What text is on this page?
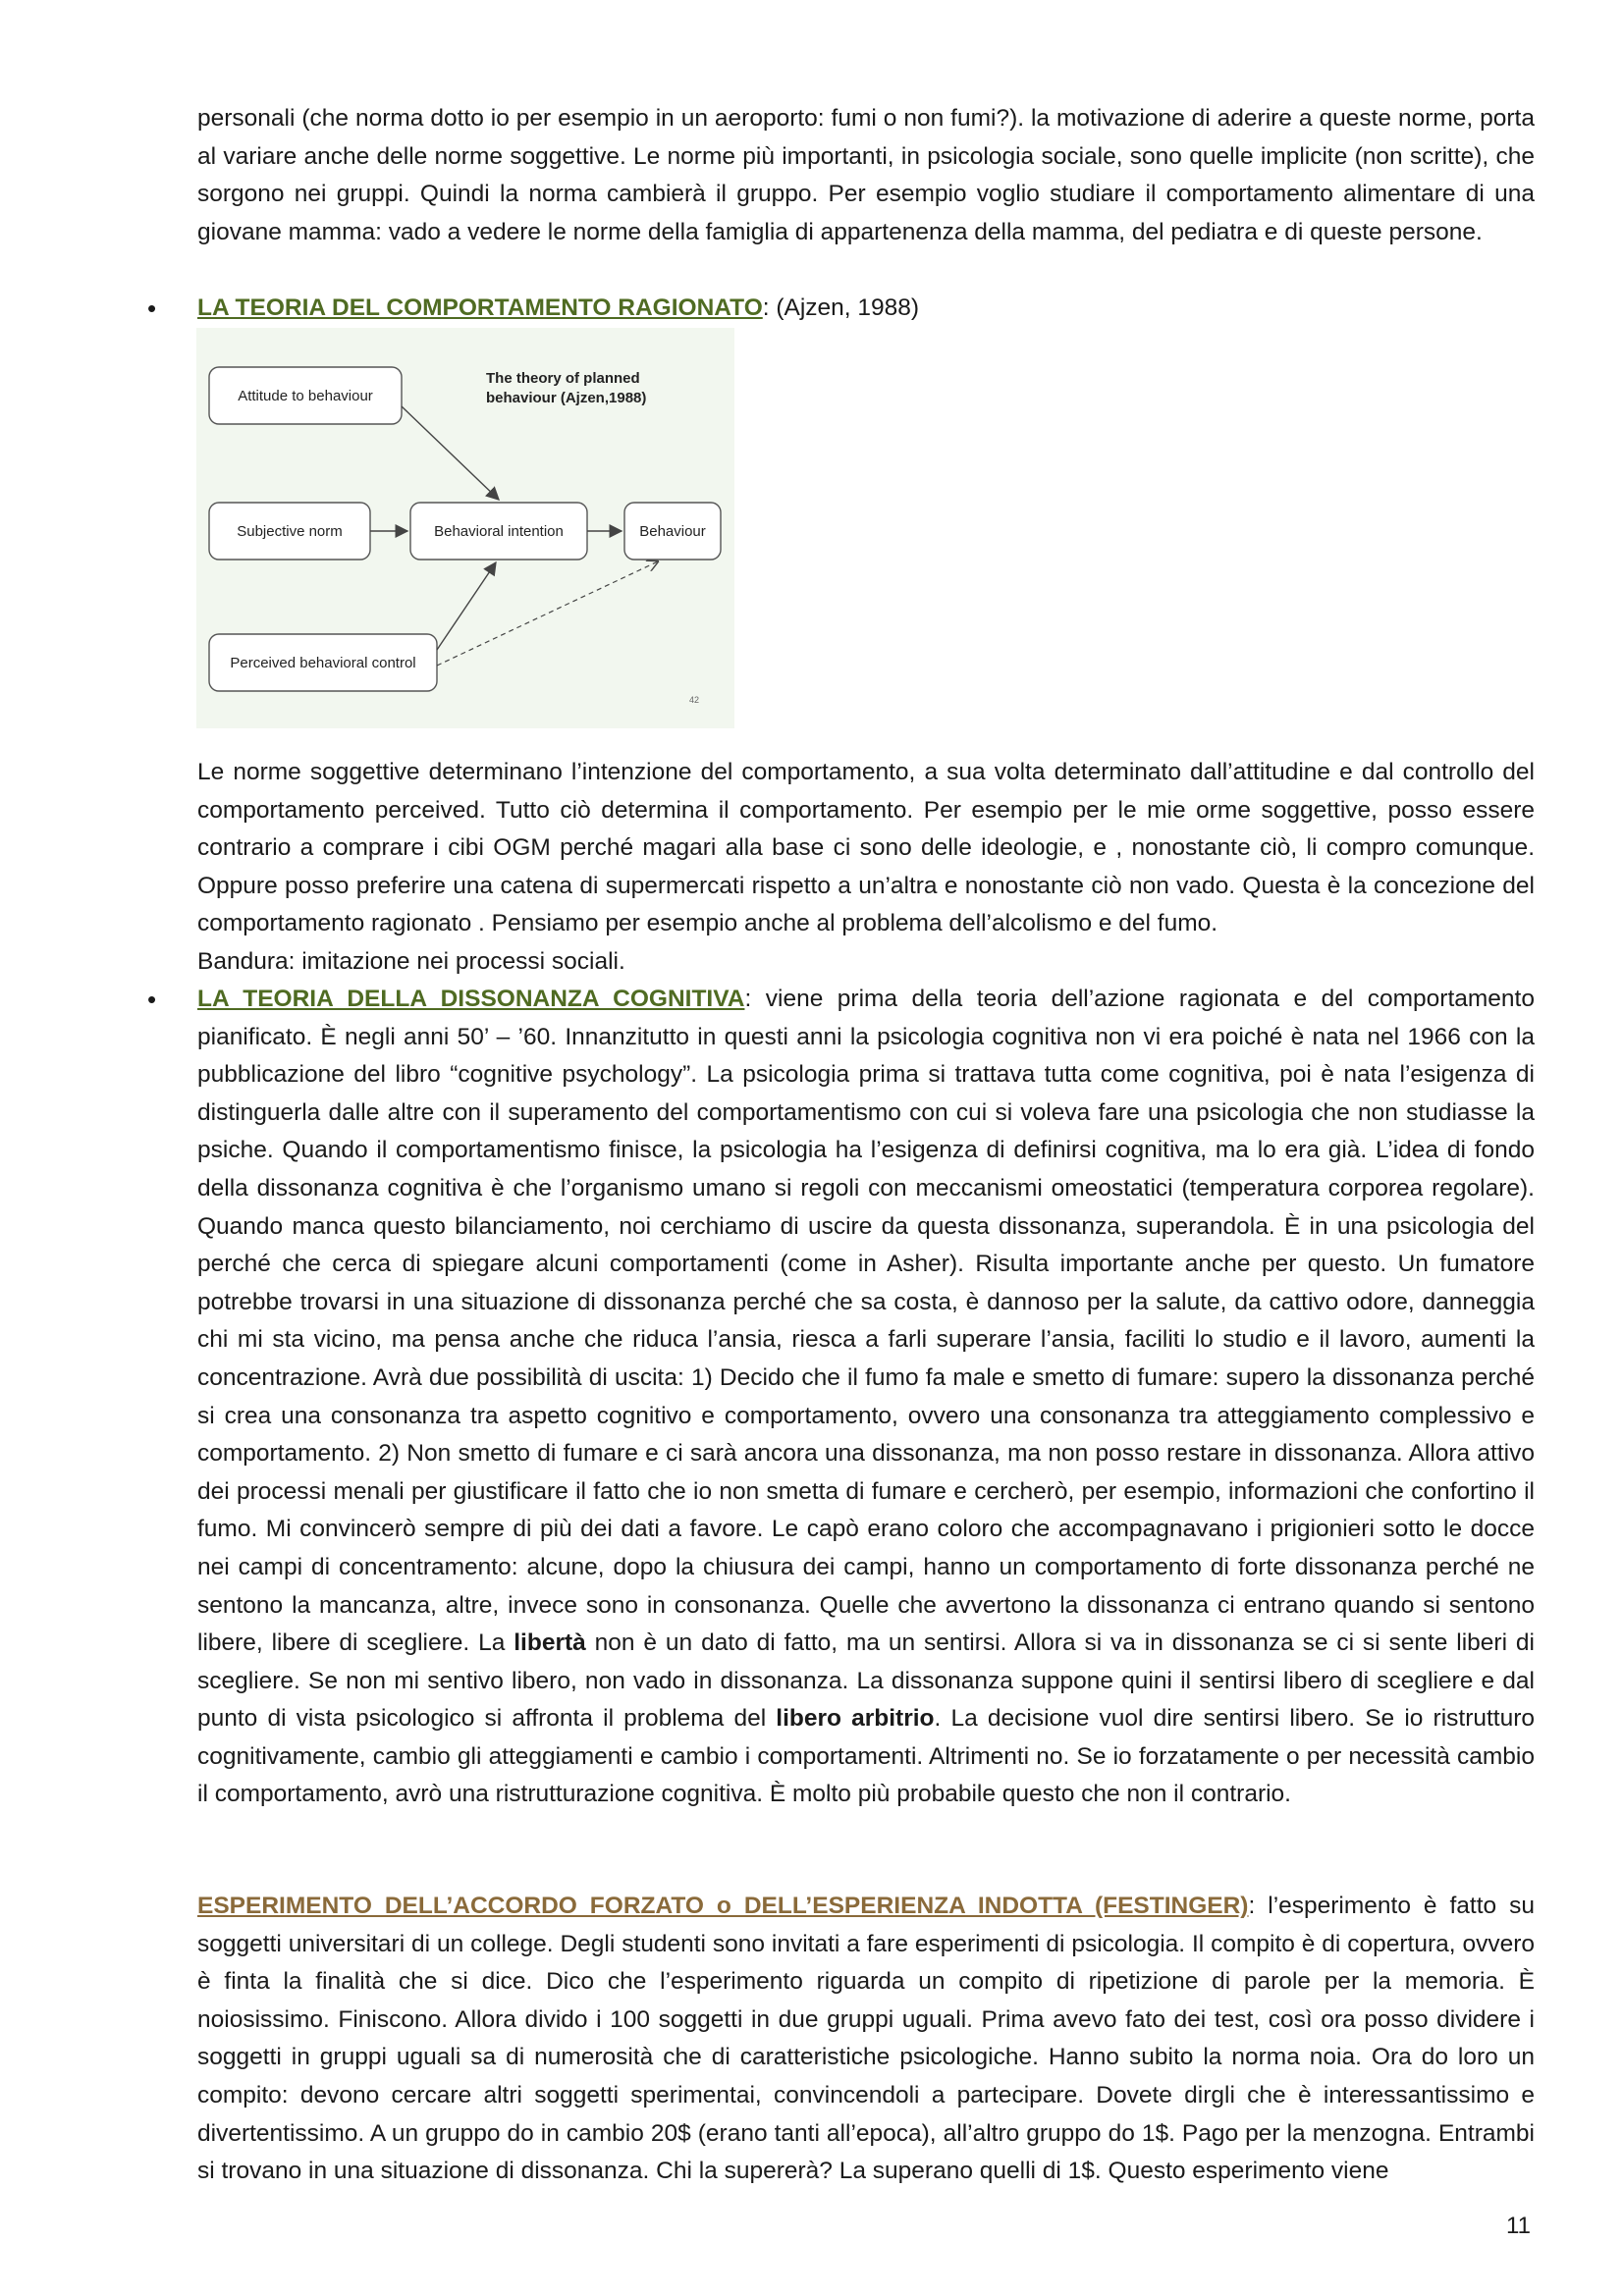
personali (che norma dotto io per esempio in un aeroporto: fumi o non fumi?). la motivazione di aderire a queste norme, porta al variare anche delle norme soggettive. Le norme più importanti, in psicologia sociale, sono quelle implicite (non scritte), che sorgono nei gruppi. Quindi la norma cambierà il gruppo. Per esempio voglio studiare il comportamento alimentare di una giovane mamma: vado a vedere le norme della famiglia di appartenenza della mamma, del pediatra e di queste persone.

•	LA TEORIA DEL COMPORTAMENTO RAGIONATO: (Ajzen, 1988)
The theory of planned
behaviour (Ajzen,1988)
Attitude to behaviour
Subjective norm	Behavioral intention	Behaviour
Perceived behavioral control
42

Le norme soggettive determinano l’intenzione del comportamento, a sua volta determinato dall’attitudine e dal controllo del comportamento perceived. Tutto ciò determina il comportamento. Per esempio per le mie orme soggettive, posso essere contrario a comprare i cibi OGM perché magari alla base ci sono delle ideologie, e , nonostante ciò, li compro comunque. Oppure posso preferire una catena di supermercati rispetto a un’altra e nonostante ciò non vado. Questa è la concezione del comportamento ragionato . Pensiamo per esempio anche al problema dell’alcolismo e del fumo.

Bandura: imitazione nei processi sociali.

•	LA TEORIA DELLA DISSONANZA COGNITIVA: viene prima della teoria dell’azione ragionata e del comportamento pianificato. È negli anni 50’ – ’60. Innanzitutto in questi anni la psicologia cognitiva non vi era poiché è nata nel 1966 con la pubblicazione del libro “cognitive psychology”. La psicologia prima si trattava tutta come cognitiva, poi è nata l’esigenza di distinguerla dalle altre con il superamento del comportamentismo con cui si voleva fare una psicologia che non studiasse la psiche. Quando il comportamentismo finisce, la psicologia ha l’esigenza di definirsi cognitiva, ma lo era già. L’idea di fondo della dissonanza cognitiva è che l’organismo umano si regoli con meccanismi omeostatici (temperatura corporea regolare). Quando manca questo bilanciamento, noi cerchiamo di uscire da questa dissonanza, superandola. È in una psicologia del perché che cerca di spiegare alcuni comportamenti (come in Asher). Risulta importante anche per questo. Un fumatore potrebbe trovarsi in una situazione di dissonanza perché che sa costa, è dannoso per la salute, da cattivo odore, danneggia chi mi sta vicino, ma pensa anche che riduca l’ansia, riesca a farli superare l’ansia, faciliti lo studio e il lavoro, aumenti la concentrazione. Avrà due possibilità di uscita: 1) Decido che il fumo fa male e smetto di fumare: supero la dissonanza perché si crea una consonanza tra aspetto cognitivo e comportamento, ovvero una consonanza tra atteggiamento complessivo e comportamento. 2) Non smetto di fumare e ci sarà ancora una dissonanza, ma non posso restare in dissonanza. Allora attivo dei processi menali per giustificare il fatto che io non smetta di fumare e cercherò, per esempio, informazioni che confortino il fumo. Mi convincerò sempre di più dei dati a favore. Le capò erano coloro che accompagnavano i prigionieri sotto le docce nei campi di concentramento: alcune, dopo la chiusura dei campi, hanno un comportamento di forte dissonanza perché ne sentono la mancanza, altre, invece sono in consonanza. Quelle che avvertono la dissonanza ci entrano quando si sentono libere, libere di scegliere. La libertà non è un dato di fatto, ma un sentirsi. Allora si va in dissonanza se ci si sente liberi di scegliere. Se non mi sentivo libero, non vado in dissonanza. La dissonanza suppone quini il sentirsi libero di scegliere e dal punto di vista psicologico si affronta il problema del libero arbitrio. La decisione vuol dire sentirsi libero. Se io ristrutturo cognitivamente, cambio gli atteggiamenti e cambio i comportamenti. Altrimenti no. Se io forzatamente o per necessità cambio il comportamento, avrò una ristrutturazione cognitiva. È molto più probabile questo che non il contrario.

ESPERIMENTO DELL’ACCORDO FORZATO o DELL’ESPERIENZA INDOTTA (FESTINGER): l’esperimento è fatto su soggetti universitari di un college. Degli studenti sono invitati a fare esperimenti di psicologia. Il compito è di copertura, ovvero è finta la finalità che si dice. Dico che l’esperimento riguarda un compito di ripetizione di parole per la memoria. È noiosissimo. Finiscono. Allora divido i 100 soggetti in due gruppi uguali. Prima avevo fato dei test, così ora posso dividere i soggetti in gruppi uguali sa di numerosità che di caratteristiche psicologiche. Hanno subito la norma noia. Ora do loro un compito: devono cercare altri soggetti sperimentai, convincendoli a partecipare. Dovete dirgli che è interessantissimo e divertentissimo. A un gruppo do in cambio 20$ (erano tanti all’epoca), all’altro gruppo do 1$. Pago per la menzogna. Entrambi si trovano in una situazione di dissonanza. Chi la supererà? La superano quelli di 1$. Questo esperimento viene

11
